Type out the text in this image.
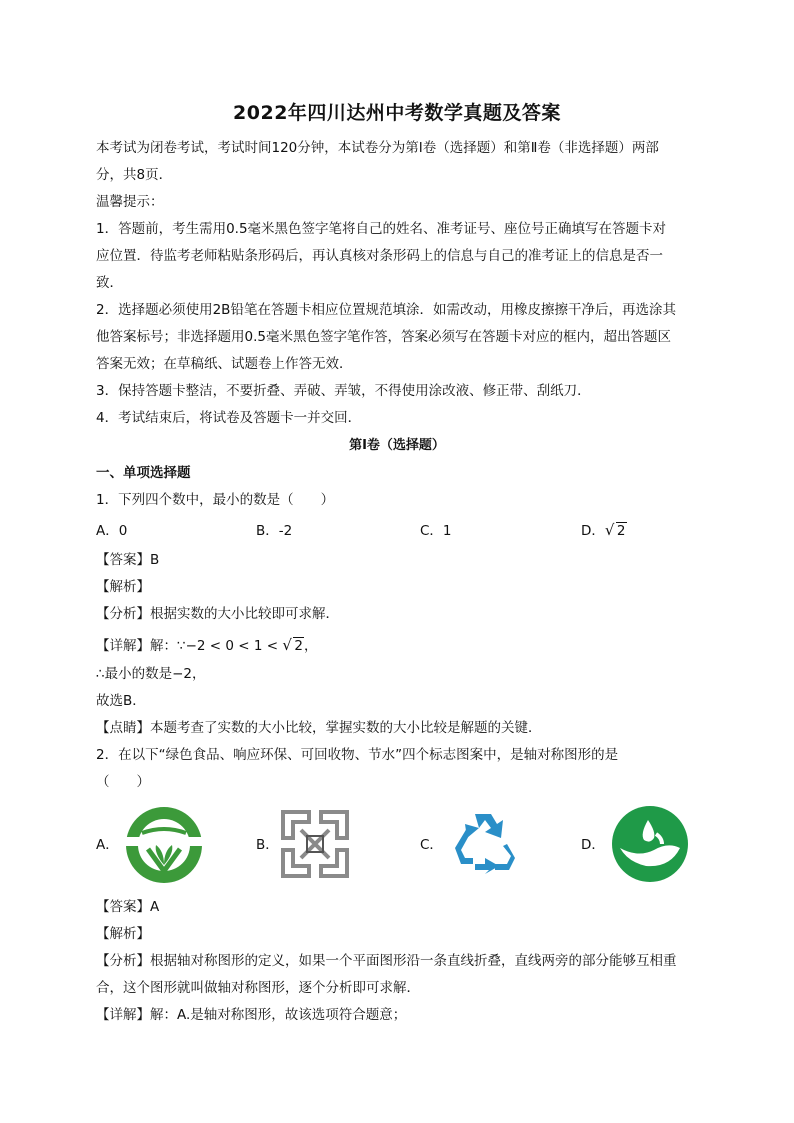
2022年四川达州中考数学真题及答案
本考试为闭卷考试，考试时间120分钟，本试卷分为第Ⅰ卷（选择题）和第Ⅱ卷（非选择题）两部
分，共8页．
温馨提示：
1．答题前，考生需用0.5毫米黑色签字笔将自己的姓名、准考证号、座位号正确填写在答题卡对
应位置．待监考老师粘贴条形码后，再认真核对条形码上的信息与自己的准考证上的信息是否一
致．
2．选择题必须使用2B铅笔在答题卡相应位置规范填涂．如需改动，用橡皮擦擦干净后，再选涂其
他答案标号；非选择题用0.5毫米黑色签字笔作答，答案必须写在答题卡对应的框内，超出答题区
答案无效；在草稿纸、试题卷上作答无效．
3．保持答题卡整洁，不要折叠、弄破、弄皱，不得使用涂改液、修正带、刮纸刀．
4．考试结束后，将试卷及答题卡一并交回．
第Ⅰ卷（选择题）
一、单项选择题
1．下列四个数中，最小的数是（　　）
A．0	B．-2	C．1	D． √ 2
【答案】B
【解析】
【分析】根据实数的大小比较即可求解．
【详解】解：∵−2 < 0 < 1 < √ 2，
∴最小的数是−2，
故选B．
【点睛】本题考查了实数的大小比较，掌握实数的大小比较是解题的关键．
2．在以下“绿色食品、响应环保、可回收物、节水”四个标志图案中，是轴对称图形的是
（　　）
A．	B．	C．	D．
【答案】A
【解析】
【分析】根据轴对称图形的定义，如果一个平面图形沿一条直线折叠，直线两旁的部分能够互相重
合，这个图形就叫做轴对称图形，逐个分析即可求解．
【详解】解：A.是轴对称图形，故该选项符合题意；
